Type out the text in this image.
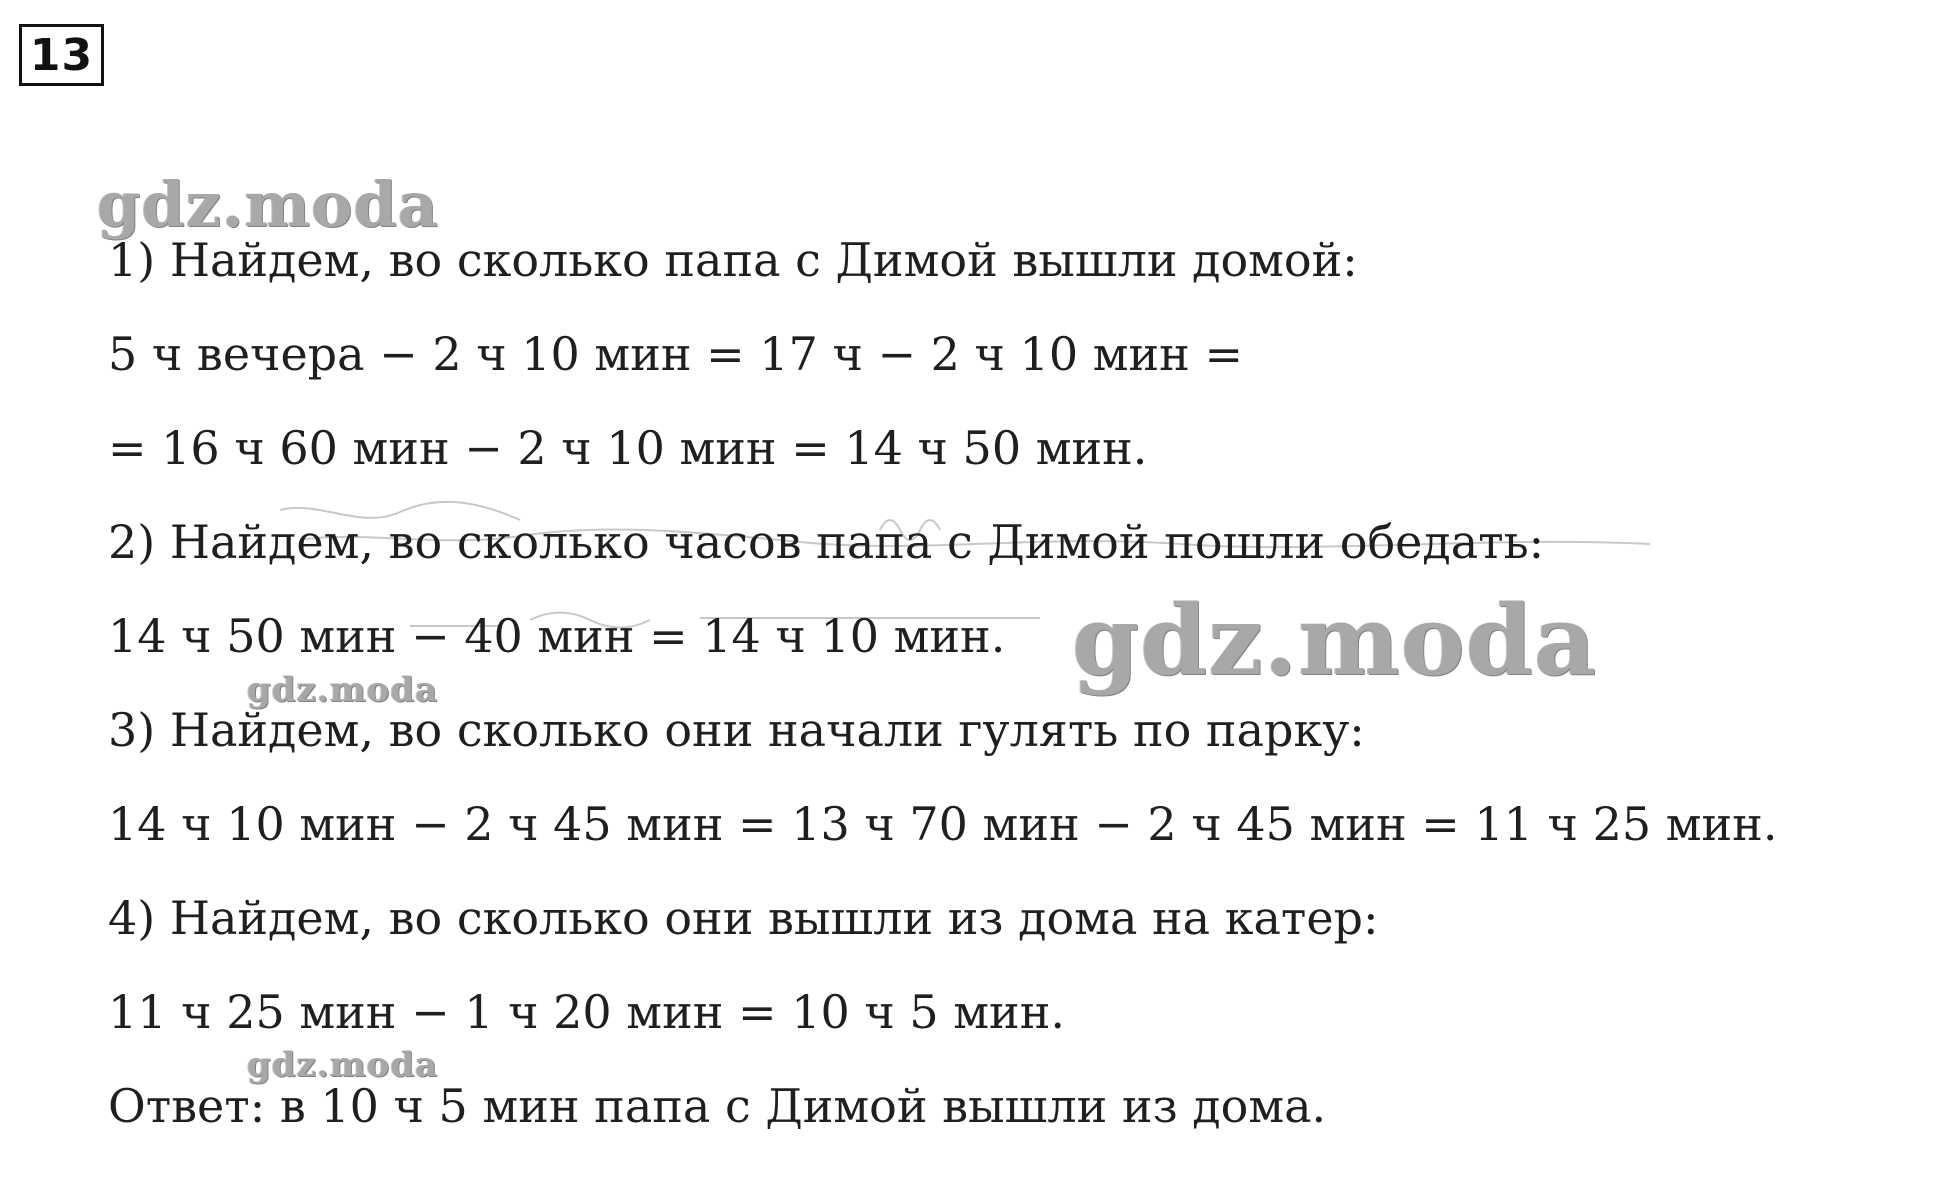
13
gdz.moda
gdz.moda
gdz.moda
gdz.moda
1) Найдем, во сколько папа с Димой вышли домой:
5 ч вечера − 2 ч 10 мин = 17 ч − 2 ч 10 мин =
= 16 ч 60 мин − 2 ч 10 мин = 14 ч 50 мин.
2) Найдем, во сколько часов папа с Димой пошли обедать:
14 ч 50 мин − 40 мин = 14 ч 10 мин.
3) Найдем, во сколько они начали гулять по парку:
14 ч 10 мин − 2 ч 45 мин = 13 ч 70 мин − 2 ч 45 мин = 11 ч 25 мин.
4) Найдем, во сколько они вышли из дома на катер:
11 ч 25 мин − 1 ч 20 мин = 10 ч 5 мин.
Ответ: в 10 ч 5 мин папа с Димой вышли из дома.
